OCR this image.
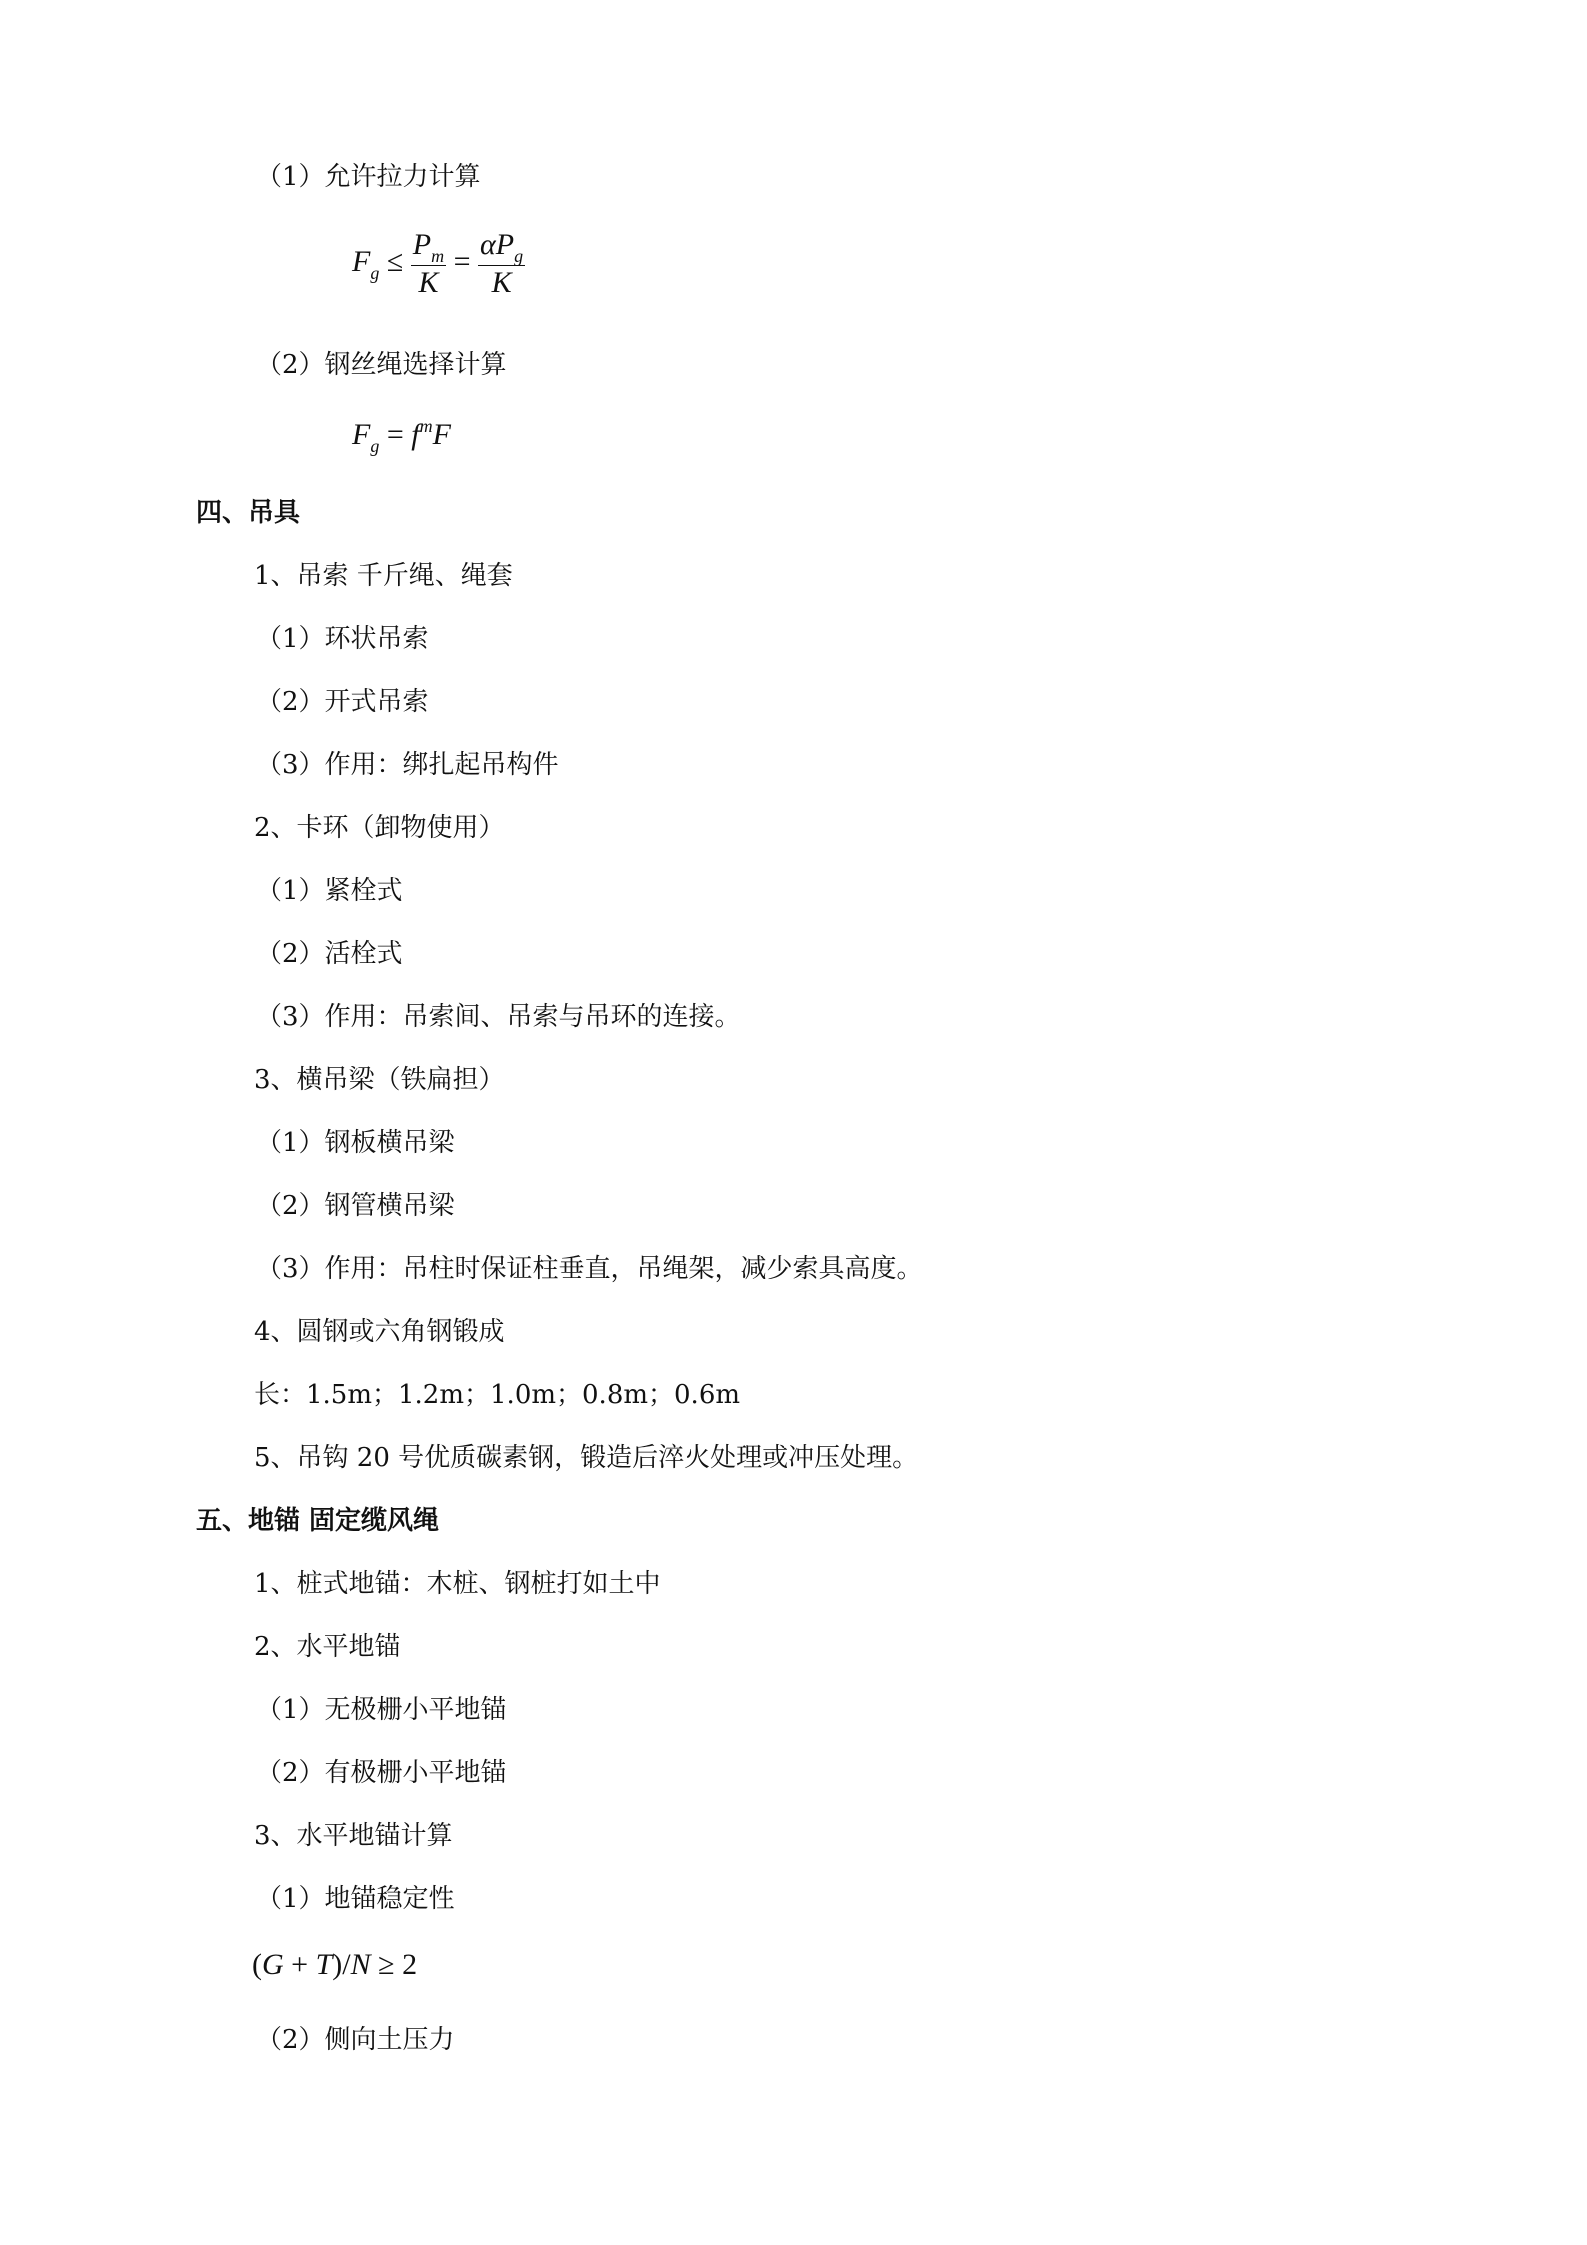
（1）允许拉力计算
$F_g \le \frac{P_m}{K} = \frac{\alpha P_g}{K}$
（2）钢丝绳选择计算
$F_g = f^mF$
四、吊具
1、吊索 千斤绳、绳套
（1）环状吊索
（2）开式吊索
（3）作用：绑扎起吊构件
2、卡环（卸物使用）
（1）紧栓式
（2）活栓式
（3）作用：吊索间、吊索与吊环的连接。
3、横吊梁（铁扁担）
（1）钢板横吊梁
（2）钢管横吊梁
（3）作用：吊柱时保证柱垂直，吊绳架，减少索具高度。
4、圆钢或六角钢锻成
长：1.5m；1.2m；1.0m；0.8m；0.6m
5、吊钩 20 号优质碳素钢，锻造后淬火处理或冲压处理。
五、地锚 固定缆风绳
1、桩式地锚：木桩、钢桩打如土中
2、水平地锚
（1）无极栅小平地锚
（2）有极栅小平地锚
3、水平地锚计算
（1）地锚稳定性
(G + T)/N ≥ 2
（2）侧向土压力
